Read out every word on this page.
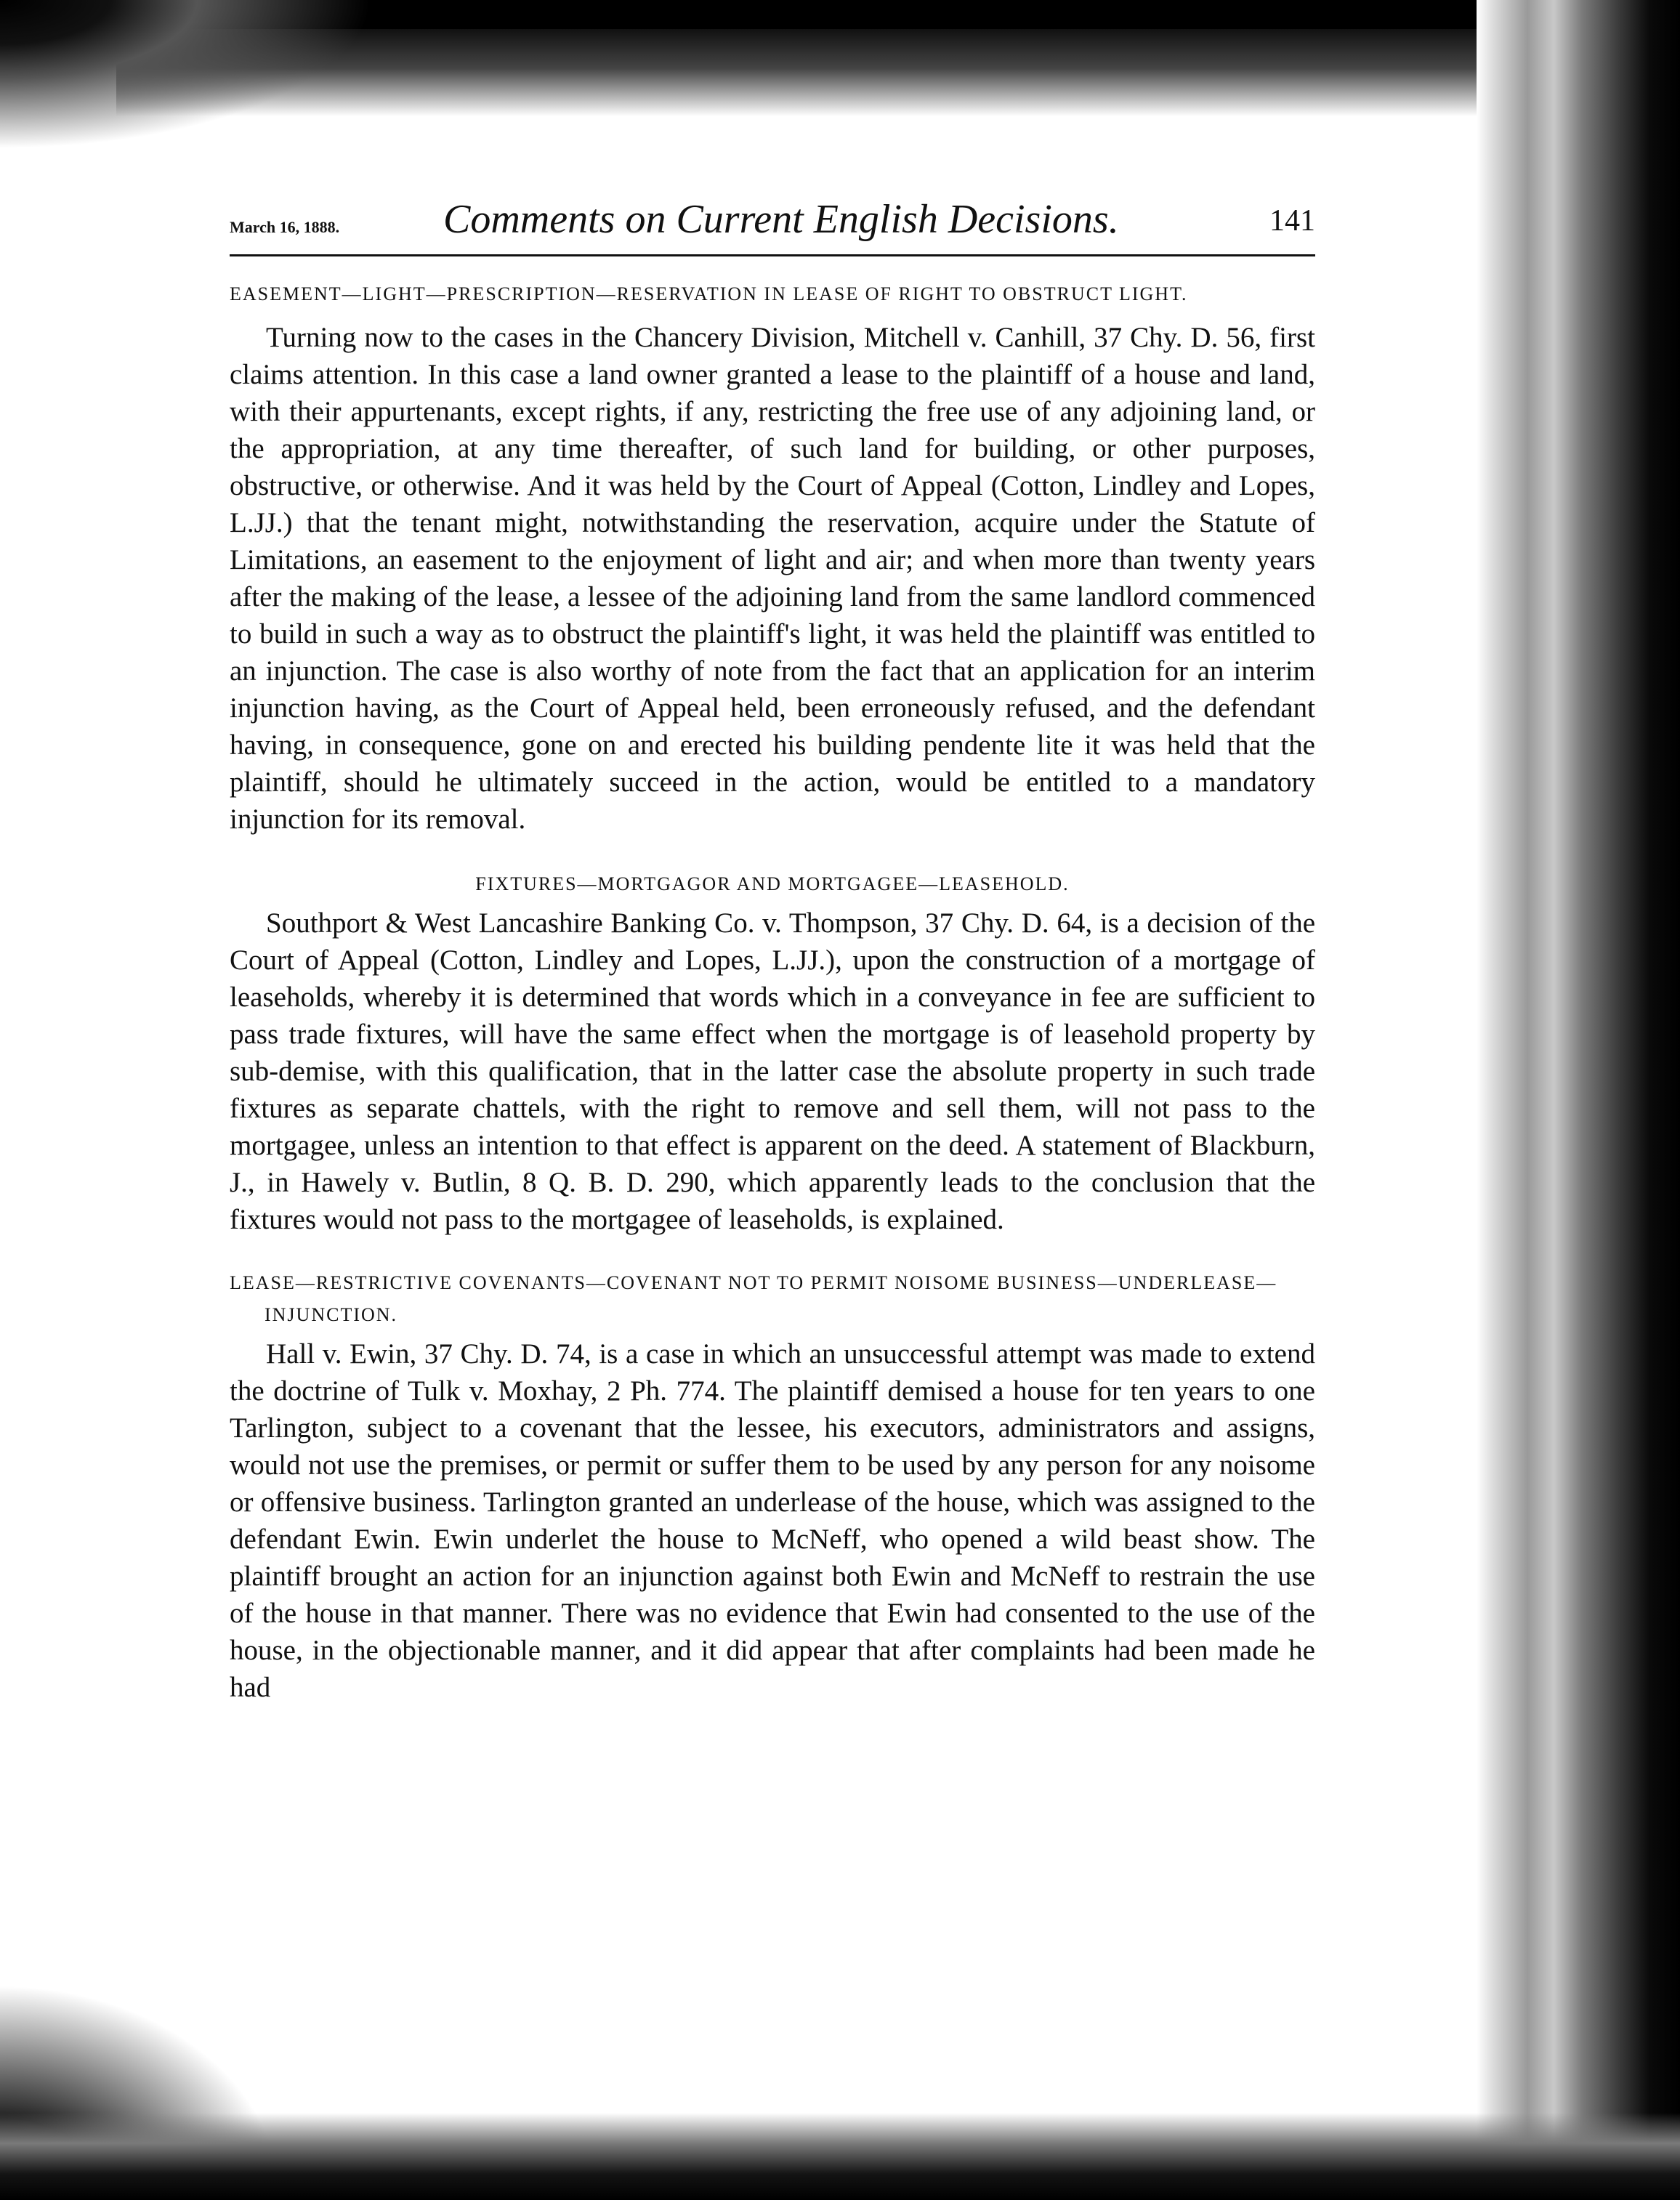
March 16, 1888.	Comments on Current English Decisions.	141
EASEMENT—LIGHT—PRESCRIPTION—RESERVATION IN LEASE OF RIGHT TO OBSTRUCT LIGHT.

Turning now to the cases in the Chancery Division, Mitchell v. Canhill, 37 Chy. D. 56, first claims attention. In this case a land owner granted a lease to the plaintiff of a house and land, with their appurtenants, except rights, if any, restricting the free use of any adjoining land, or the appropriation, at any time thereafter, of such land for building, or other purposes, obstructive, or otherwise. And it was held by the Court of Appeal (Cotton, Lindley and Lopes, L.JJ.) that the tenant might, notwithstanding the reservation, acquire under the Statute of Limitations, an easement to the enjoyment of light and air; and when more than twenty years after the making of the lease, a lessee of the adjoining land from the same landlord commenced to build in such a way as to obstruct the plaintiff's light, it was held the plaintiff was entitled to an injunction. The case is also worthy of note from the fact that an application for an interim injunction having, as the Court of Appeal held, been erroneously refused, and the defendant having, in consequence, gone on and erected his building pendente lite it was held that the plaintiff, should he ultimately succeed in the action, would be entitled to a mandatory injunction for its removal.

FIXTURES—MORTGAGOR AND MORTGAGEE—LEASEHOLD.

Southport & West Lancashire Banking Co. v. Thompson, 37 Chy. D. 64, is a decision of the Court of Appeal (Cotton, Lindley and Lopes, L.JJ.), upon the construction of a mortgage of leaseholds, whereby it is determined that words which in a conveyance in fee are sufficient to pass trade fixtures, will have the same effect when the mortgage is of leasehold property by sub-demise, with this qualification, that in the latter case the absolute property in such trade fixtures as separate chattels, with the right to remove and sell them, will not pass to the mortgagee, unless an intention to that effect is apparent on the deed. A statement of Blackburn, J., in Hawely v. Butlin, 8 Q. B. D. 290, which apparently leads to the conclusion that the fixtures would not pass to the mortgagee of leaseholds, is explained.

LEASE—RESTRICTIVE COVENANTS—COVENANT NOT TO PERMIT NOISOME BUSINESS—UNDERLEASE—INJUNCTION.

Hall v. Ewin, 37 Chy. D. 74, is a case in which an unsuccessful attempt was made to extend the doctrine of Tulk v. Moxhay, 2 Ph. 774. The plaintiff demised a house for ten years to one Tarlington, subject to a covenant that the lessee, his executors, administrators and assigns, would not use the premises, or permit or suffer them to be used by any person for any noisome or offensive business. Tarlington granted an underlease of the house, which was assigned to the defendant Ewin. Ewin underlet the house to McNeff, who opened a wild beast show. The plaintiff brought an action for an injunction against both Ewin and McNeff to restrain the use of the house in that manner. There was no evidence that Ewin had consented to the use of the house, in the objectionable manner, and it did appear that after complaints had been made he had
